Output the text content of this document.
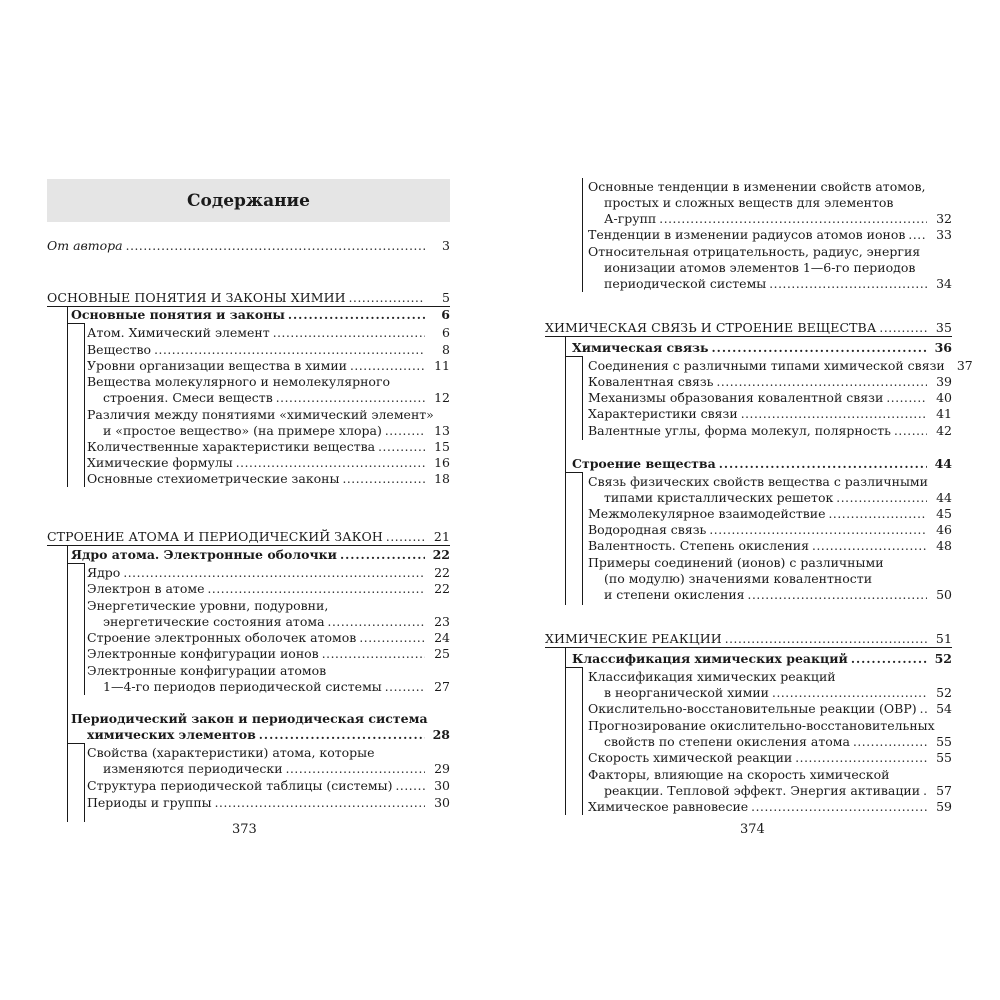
Содержание
От автора . . .	3
ОСНОВНЫЕ ПОНЯТИЯ И ЗАКОНЫ ХИМИИ . . .	5
Основные понятия и законы . . .	6
Атом. Химический элемент . . .	6
Вещество . . .	8
Уровни организации вещества в химии . . .	11
Вещества молекулярного и немолекулярного
строения. Смеси веществ . . .	12
Различия между понятиями «химический элемент»
и «простое вещество» (на примере хлора) . . .	13
Количественные характеристики вещества . . .	15
Химические формулы . . .	16
Основные стехиометрические законы . . .	18
СТРОЕНИЕ АТОМА И ПЕРИОДИЧЕСКИЙ ЗАКОН . . .	21
Ядро атома. Электронные оболочки . . .	22
Ядро . . .	22
Электрон в атоме . . .	22
Энергетические уровни, подуровни,
энергетические состояния атома . . .	23
Строение электронных оболочек атомов . . .	24
Электронные конфигурации ионов . . .	25
Электронные конфигурации атомов
1—4-го периодов периодической системы . . .	27
Периодический закон и периодическая система
химических элементов . . .	28
Свойства (характеристики) атома, которые
изменяются периодически . . .	29
Структура периодической таблицы (системы) . . .	30
Периоды и группы . . .	30
373
Основные тенденции в изменении свойств атомов,
простых и сложных веществ для элементов
А-групп . . .	32
Тенденции в изменении радиусов атомов ионов . . .	33
Относительная отрицательность, радиус, энергия
ионизации атомов элементов 1—6-го периодов
периодической системы . . .	34
ХИМИЧЕСКАЯ СВЯЗЬ И СТРОЕНИЕ ВЕЩЕСТВА . . .	35
Химическая связь . . .	36
Соединения с различными типами химической связи 37
Ковалентная связь . . .	39
Механизмы образования ковалентной связи . . .	40
Характеристики связи . . .	41
Валентные углы, форма молекул, полярность . . .	42
Строение вещества . . .	44
Связь физических свойств вещества с различными
типами кристаллических решеток . . .	44
Межмолекулярное взаимодействие . . .	45
Водородная связь . . .	46
Валентность. Степень окисления . . .	48
Примеры соединений (ионов) с различными
(по модулю) значениями ковалентности
и степени окисления . . .	50
ХИМИЧЕСКИЕ РЕАКЦИИ . . .	51
Классификация химических реакций . . .	52
Классификация химических реакций
в неорганической химии . . .	52
Окислительно-восстановительные реакции (ОВР) . . .	54
Прогнозирование окислительно-восстановительных
свойств по степени окисления атома . . .	55
Скорость химической реакции . . .	55
Факторы, влияющие на скорость химической
реакции. Тепловой эффект. Энергия активации . . .	57
Химическое равновесие . . .	59
374
